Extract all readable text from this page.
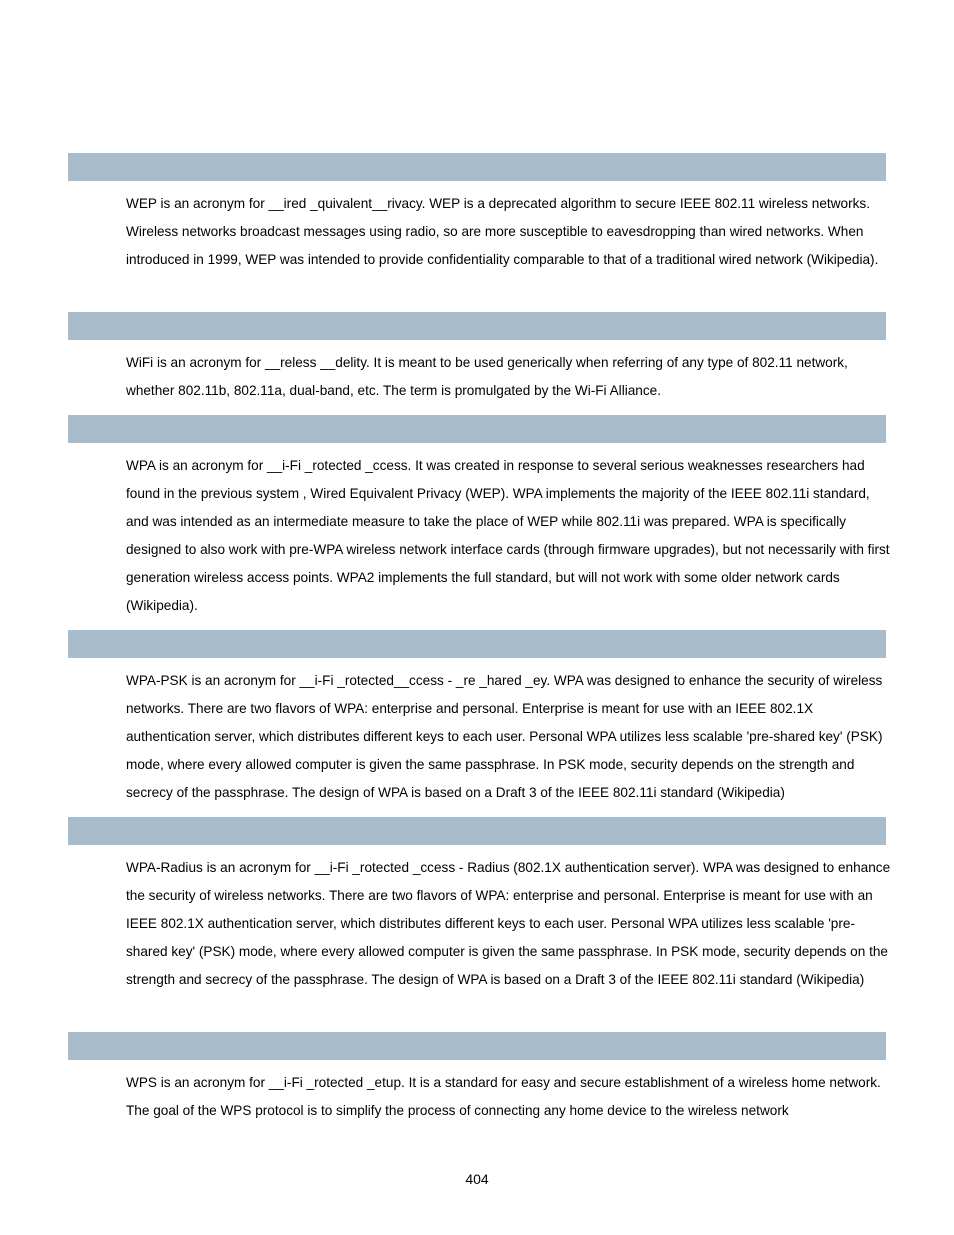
WEP is an acronym for __ired _quivalent__rivacy. WEP is a deprecated algorithm to secure IEEE 802.11 wireless networks. Wireless networks broadcast messages using radio, so are more susceptible to eavesdropping than wired networks. When introduced in 1999, WEP was intended to provide confidentiality comparable to that of a traditional wired network (Wikipedia).

WiFi is an acronym for __reless __delity. It is meant to be used generically when referring of any type of 802.11 network, whether 802.11b, 802.11a, dual-band, etc. The term is promulgated by the Wi-Fi Alliance.

WPA is an acronym for __i-Fi _rotected _ccess. It was created in response to several serious weaknesses researchers had found in the previous system , Wired Equivalent Privacy (WEP). WPA implements the majority of the IEEE 802.11i standard, and was intended as an intermediate measure to take the place of WEP while 802.11i was prepared. WPA is specifically designed to also work with pre-WPA wireless network interface cards (through firmware upgrades), but not necessarily with first generation wireless access points. WPA2 implements the full standard, but will not work with some older network cards (Wikipedia).

WPA-PSK is an acronym for __i-Fi _rotected__ccess - _re _hared _ey. WPA was designed to enhance the security of wireless networks. There are two flavors of WPA: enterprise and personal. Enterprise is meant for use with an IEEE 802.1X authentication server, which distributes different keys to each user. Personal WPA utilizes less scalable 'pre-shared key' (PSK) mode, where every allowed computer is given the same passphrase. In PSK mode, security depends on the strength and secrecy of the passphrase. The design of WPA is based on a Draft 3 of the IEEE 802.11i standard (Wikipedia)

WPA-Radius is an acronym for __i-Fi _rotected _ccess - Radius (802.1X authentication server). WPA was designed to enhance the security of wireless networks. There are two flavors of WPA: enterprise and personal. Enterprise is meant for use with an IEEE 802.1X authentication server, which distributes different keys to each user. Personal WPA utilizes less scalable 'pre-shared key' (PSK) mode, where every allowed computer is given the same passphrase. In PSK mode, security depends on the strength and secrecy of the passphrase. The design of WPA is based on a Draft 3 of the IEEE 802.11i standard (Wikipedia)

WPS is an acronym for __i-Fi _rotected _etup. It is a standard for easy and secure establishment of a wireless home network. The goal of the WPS protocol is to simplify the process of connecting any home device to the wireless network

404
